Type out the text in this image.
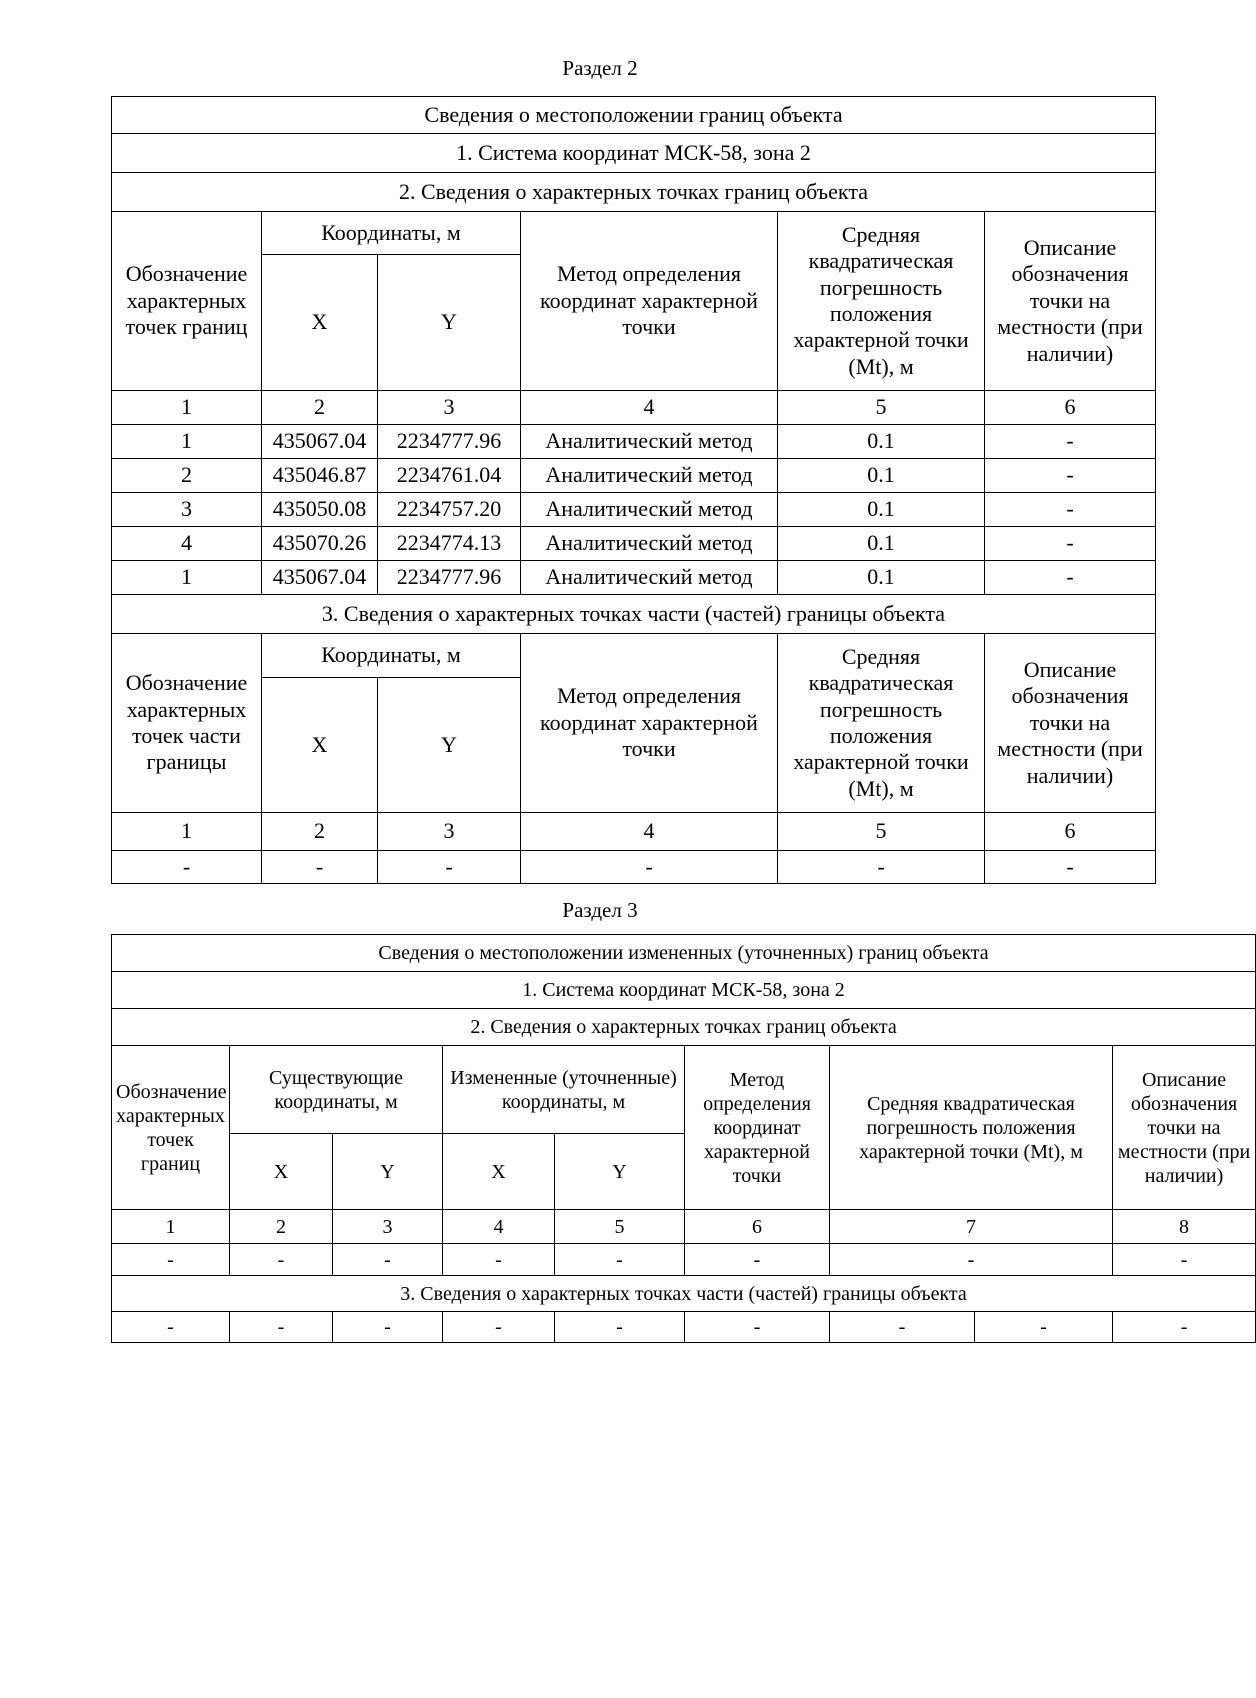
Раздел 2
Сведения о местоположении границ объекта					
1. Система координат МСК-58, зона 2					
2. Сведения о характерных точках границ объекта					
Обозначение характерных точек границ	Координаты, м		Метод определения координат характерной точки	Средняя квадратическая погрешность положения характерной точки (Mt), м	Описание обозначения точки на местности (при наличии)
	X	Y			
1	2	3	4	5	6
1	435067.04	2234777.96	Аналитический метод	0.1	-
2	435046.87	2234761.04	Аналитический метод	0.1	-
3	435050.08	2234757.20	Аналитический метод	0.1	-
4	435070.26	2234774.13	Аналитический метод	0.1	-
1	435067.04	2234777.96	Аналитический метод	0.1	-
3. Сведения о характерных точках части (частей) границы объекта					
Обозначение характерных точек части границы	Координаты, м		Метод определения координат характерной точки	Средняя квадратическая погрешность положения характерной точки (Mt), м	Описание обозначения точки на местности (при наличии)
	X	Y			
1	2	3	4	5	6
-	-	-	-	-	-
Раздел 3
Сведения о местоположении измененных (уточненных) границ объекта								
1. Система координат МСК-58, зона 2								
2. Сведения о характерных точках границ объекта								
Обозначение характерных точек границ	Существующие координаты, м		Измененные (уточненные) координаты, м		Метод определения координат характерной точки	Средняя квадратическая погрешность положения характерной точки (Mt), м		Описание обозначения точки на местности (при наличии)
	X	Y	X	Y				
1	2	3	4	5	6	7		8
-	-	-	-	-	-	-		-
3. Сведения о характерных точках части (частей) границы объекта								
-	-	-	-	-	-	-	-	-
